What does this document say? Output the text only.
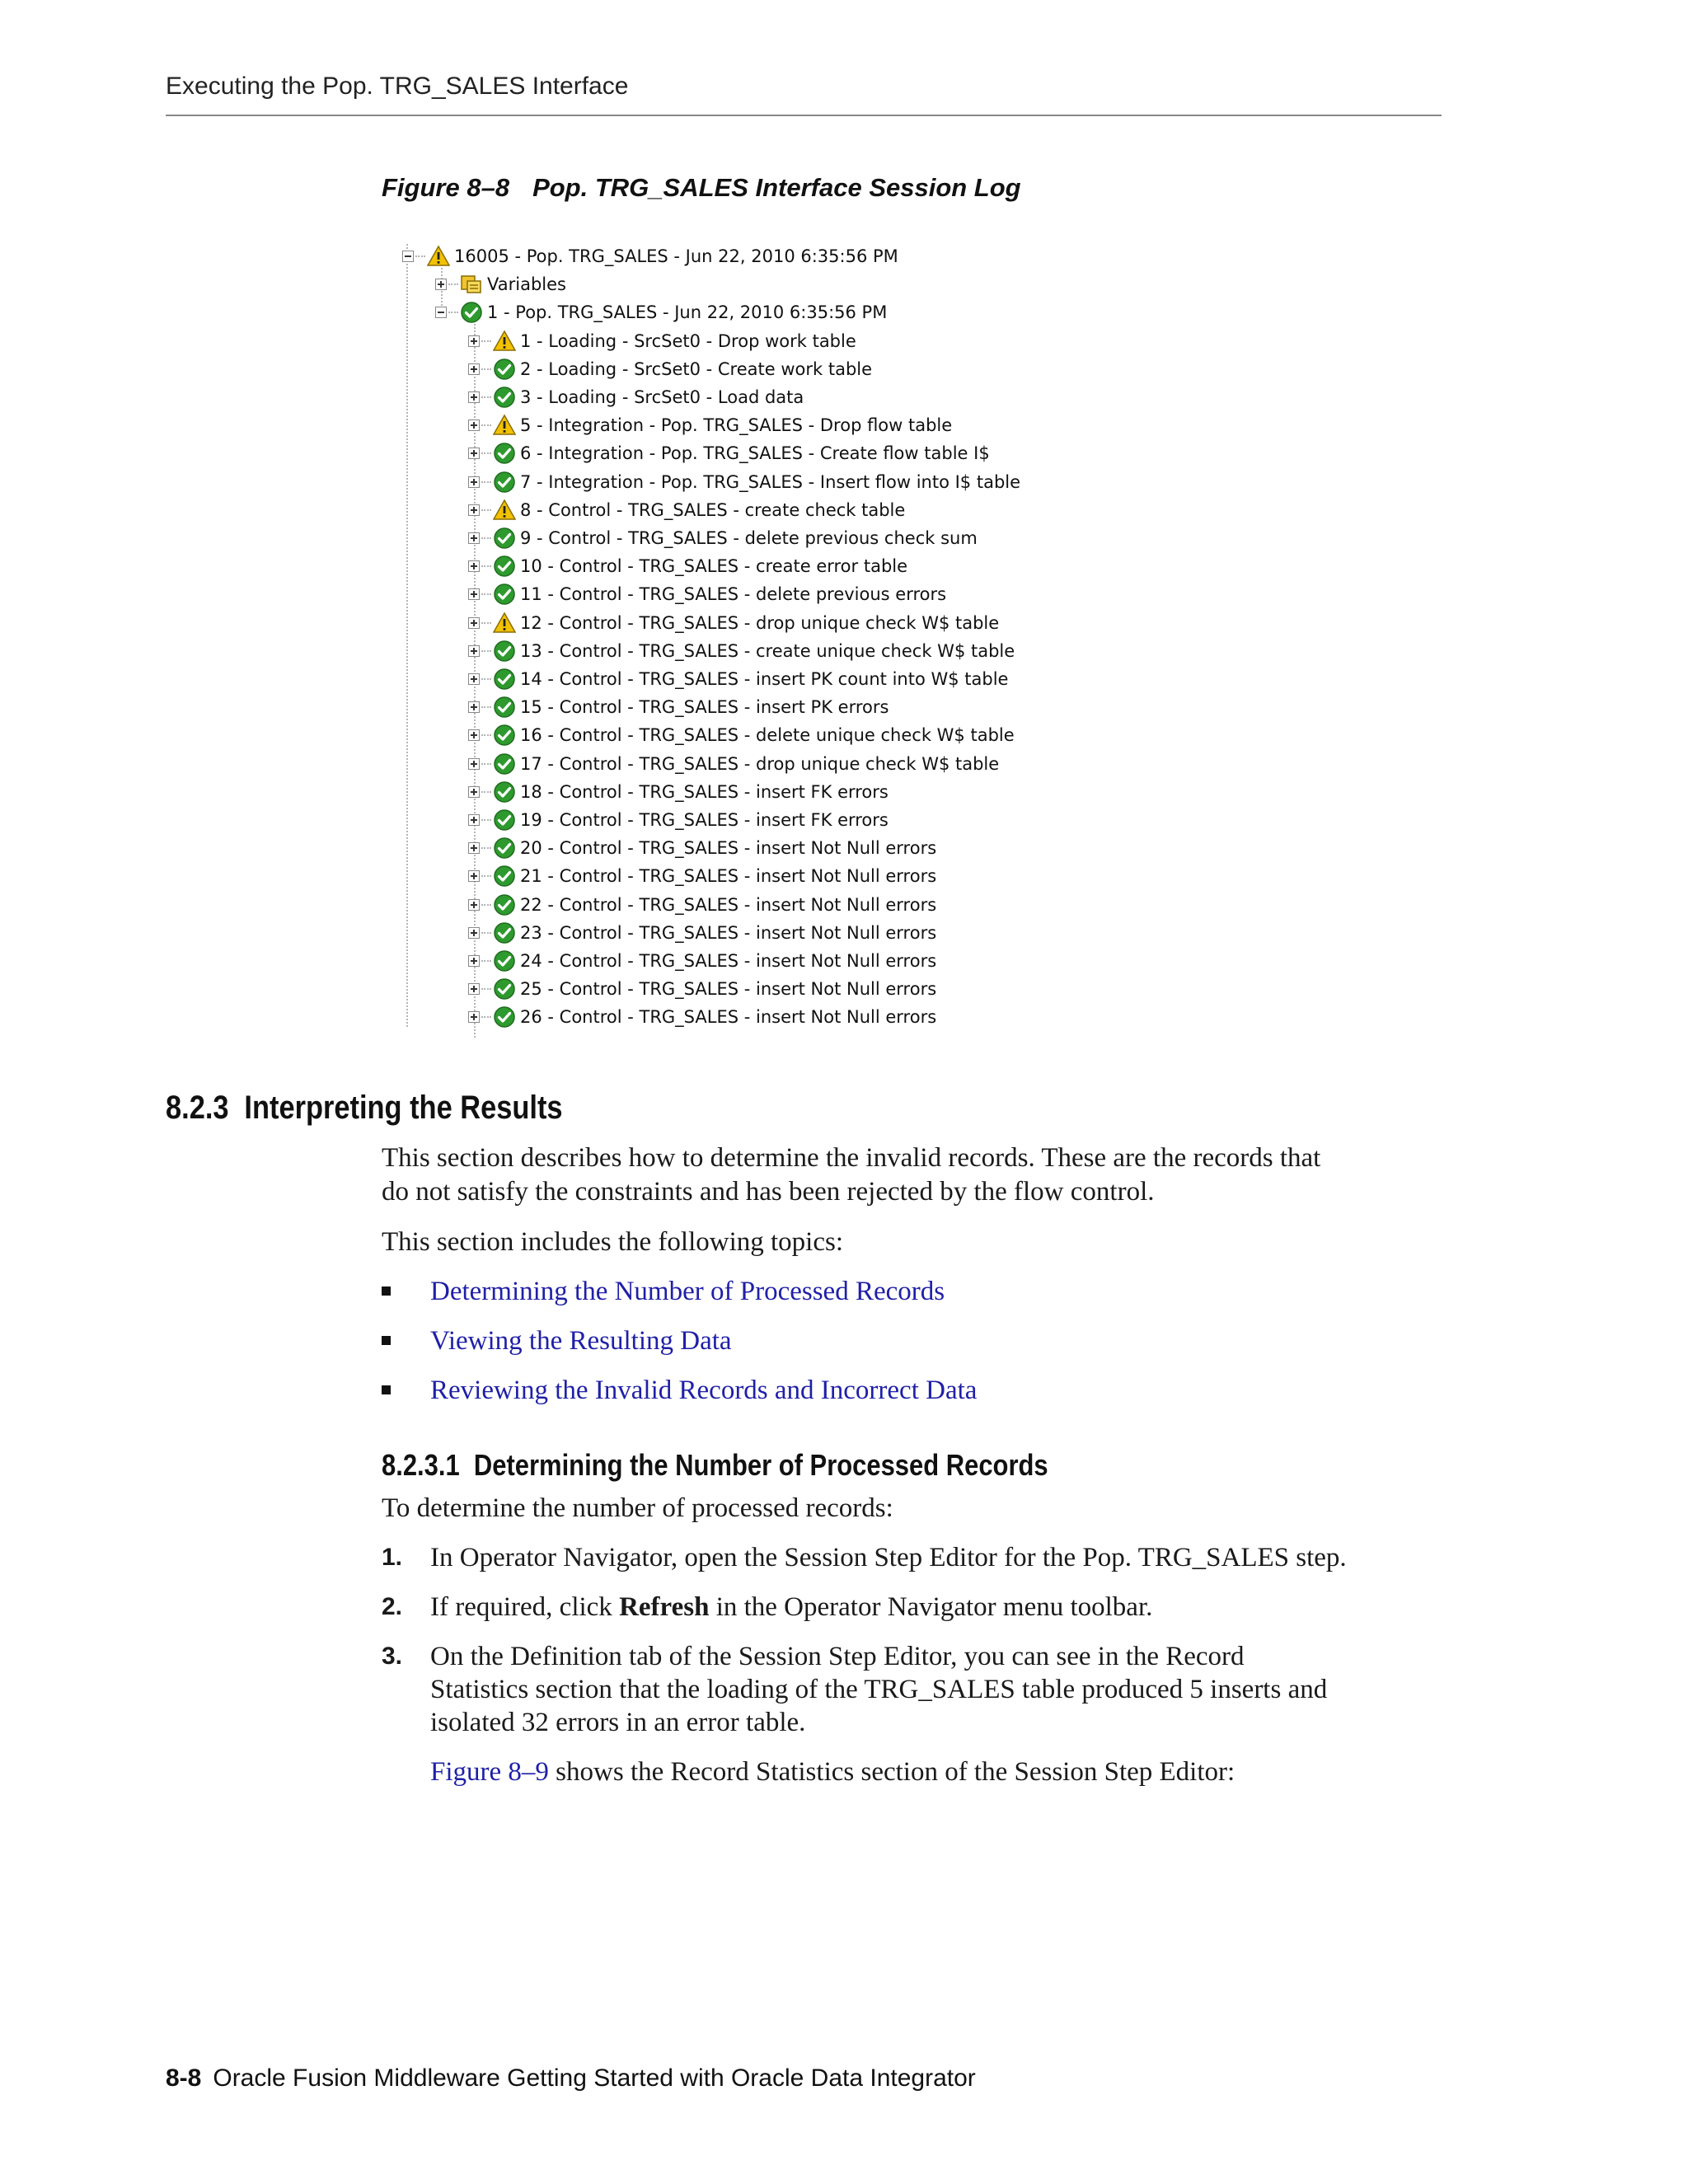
Executing the Pop. TRG_SALES Interface
Figure 8–8 Pop. TRG_SALES Interface Session Log
16005 - Pop. TRG_SALES - Jun 22, 2010 6:35:56 PM
Variables
1 - Pop. TRG_SALES - Jun 22, 2010 6:35:56 PM
1 - Loading - SrcSet0 - Drop work table
2 - Loading - SrcSet0 - Create work table
3 - Loading - SrcSet0 - Load data
5 - Integration - Pop. TRG_SALES - Drop flow table
6 - Integration - Pop. TRG_SALES - Create flow table I$
7 - Integration - Pop. TRG_SALES - Insert flow into I$ table
8 - Control - TRG_SALES - create check table
9 - Control - TRG_SALES - delete previous check sum
10 - Control - TRG_SALES - create error table
11 - Control - TRG_SALES - delete previous errors
12 - Control - TRG_SALES - drop unique check W$ table
13 - Control - TRG_SALES - create unique check W$ table
14 - Control - TRG_SALES - insert PK count into W$ table
15 - Control - TRG_SALES - insert PK errors
16 - Control - TRG_SALES - delete unique check W$ table
17 - Control - TRG_SALES - drop unique check W$ table
18 - Control - TRG_SALES - insert FK errors
19 - Control - TRG_SALES - insert FK errors
20 - Control - TRG_SALES - insert Not Null errors
21 - Control - TRG_SALES - insert Not Null errors
22 - Control - TRG_SALES - insert Not Null errors
23 - Control - TRG_SALES - insert Not Null errors
24 - Control - TRG_SALES - insert Not Null errors
25 - Control - TRG_SALES - insert Not Null errors
26 - Control - TRG_SALES - insert Not Null errors
8.2.3 Interpreting the Results
This section describes how to determine the invalid records. These are the records that
do not satisfy the constraints and has been rejected by the flow control.
This section includes the following topics:
Determining the Number of Processed Records
Viewing the Resulting Data
Reviewing the Invalid Records and Incorrect Data
8.2.3.1 Determining the Number of Processed Records
To determine the number of processed records:
1. In Operator Navigator, open the Session Step Editor for the Pop. TRG_SALES step.
2. If required, click Refresh in the Operator Navigator menu toolbar.
3. On the Definition tab of the Session Step Editor, you can see in the Record
Statistics section that the loading of the TRG_SALES table produced 5 inserts and
isolated 32 errors in an error table.
Figure 8–9 shows the Record Statistics section of the Session Step Editor:
8-8 Oracle Fusion Middleware Getting Started with Oracle Data Integrator
